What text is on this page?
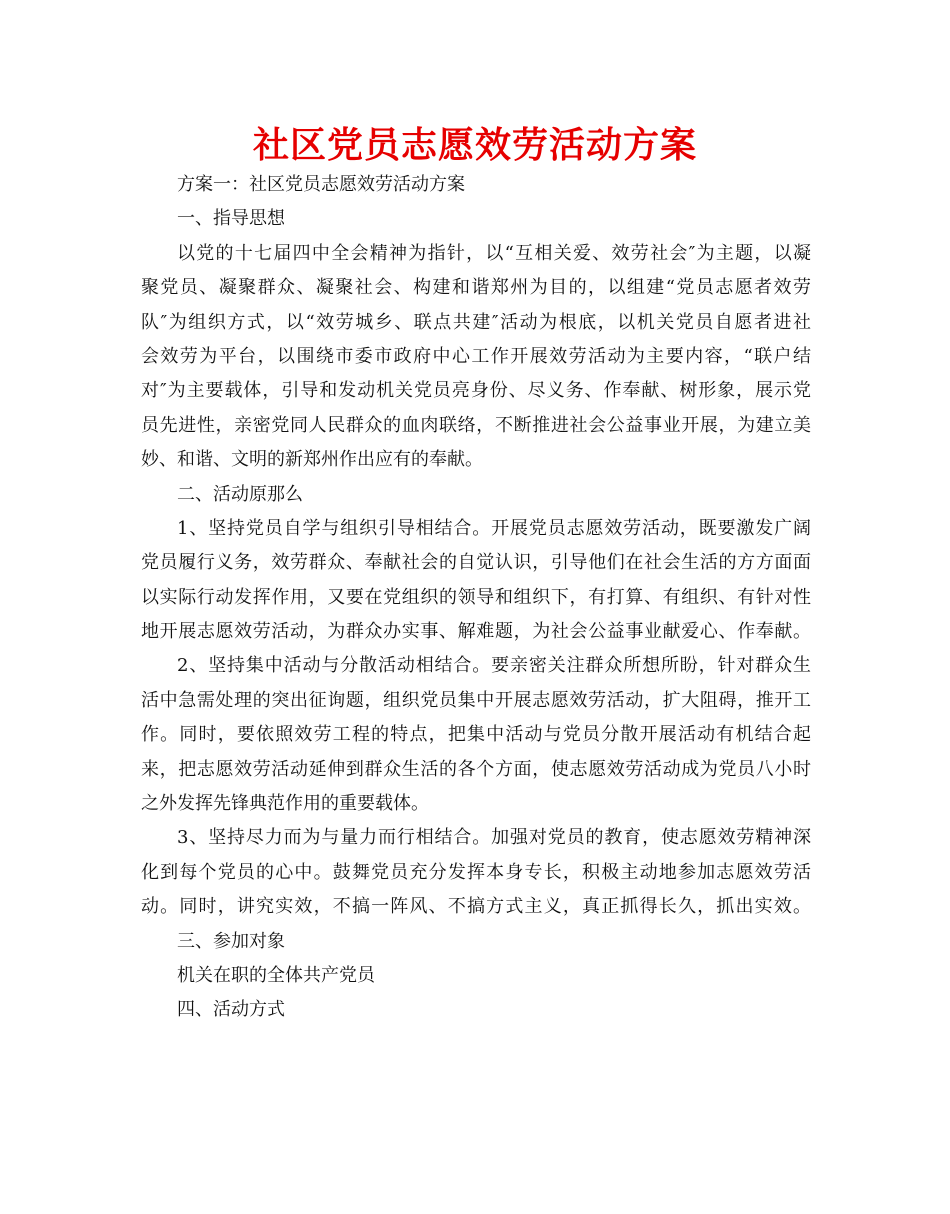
社区党员志愿效劳活动方案

方案一：社区党员志愿效劳活动方案

一、指导思想

以党的十七届四中全会精神为指针，以“互相关爱、效劳社会″为主题，以凝

聚党员、凝聚群众、凝聚社会、构建和谐郑州为目的，以组建“党员志愿者效劳

队″为组织方式，以“效劳城乡、联点共建″活动为根底，以机关党员自愿者进社

会效劳为平台，以围绕市委市政府中心工作开展效劳活动为主要内容，“联户结

对″为主要载体，引导和发动机关党员亮身份、尽义务、作奉献、树形象，展示党

员先进性，亲密党同人民群众的血肉联络，不断推进社会公益事业开展，为建立美

妙、和谐、文明的新郑州作出应有的奉献。

二、活动原那么

1、坚持党员自学与组织引导相结合。开展党员志愿效劳活动，既要激发广阔

党员履行义务，效劳群众、奉献社会的自觉认识，引导他们在社会生活的方方面面

以实际行动发挥作用，又要在党组织的领导和组织下，有打算、有组织、有针对性

地开展志愿效劳活动，为群众办实事、解难题，为社会公益事业献爱心、作奉献。

2、坚持集中活动与分散活动相结合。要亲密关注群众所想所盼，针对群众生

活中急需处理的突出征询题，组织党员集中开展志愿效劳活动，扩大阻碍，推开工

作。同时，要依照效劳工程的特点，把集中活动与党员分散开展活动有机结合起

来，把志愿效劳活动延伸到群众生活的各个方面，使志愿效劳活动成为党员八小时

之外发挥先锋典范作用的重要载体。

3、坚持尽力而为与量力而行相结合。加强对党员的教育，使志愿效劳精神深

化到每个党员的心中。鼓舞党员充分发挥本身专长，积极主动地参加志愿效劳活

动。同时，讲究实效，不搞一阵风、不搞方式主义，真正抓得长久，抓出实效。

三、参加对象

机关在职的全体共产党员

四、活动方式
